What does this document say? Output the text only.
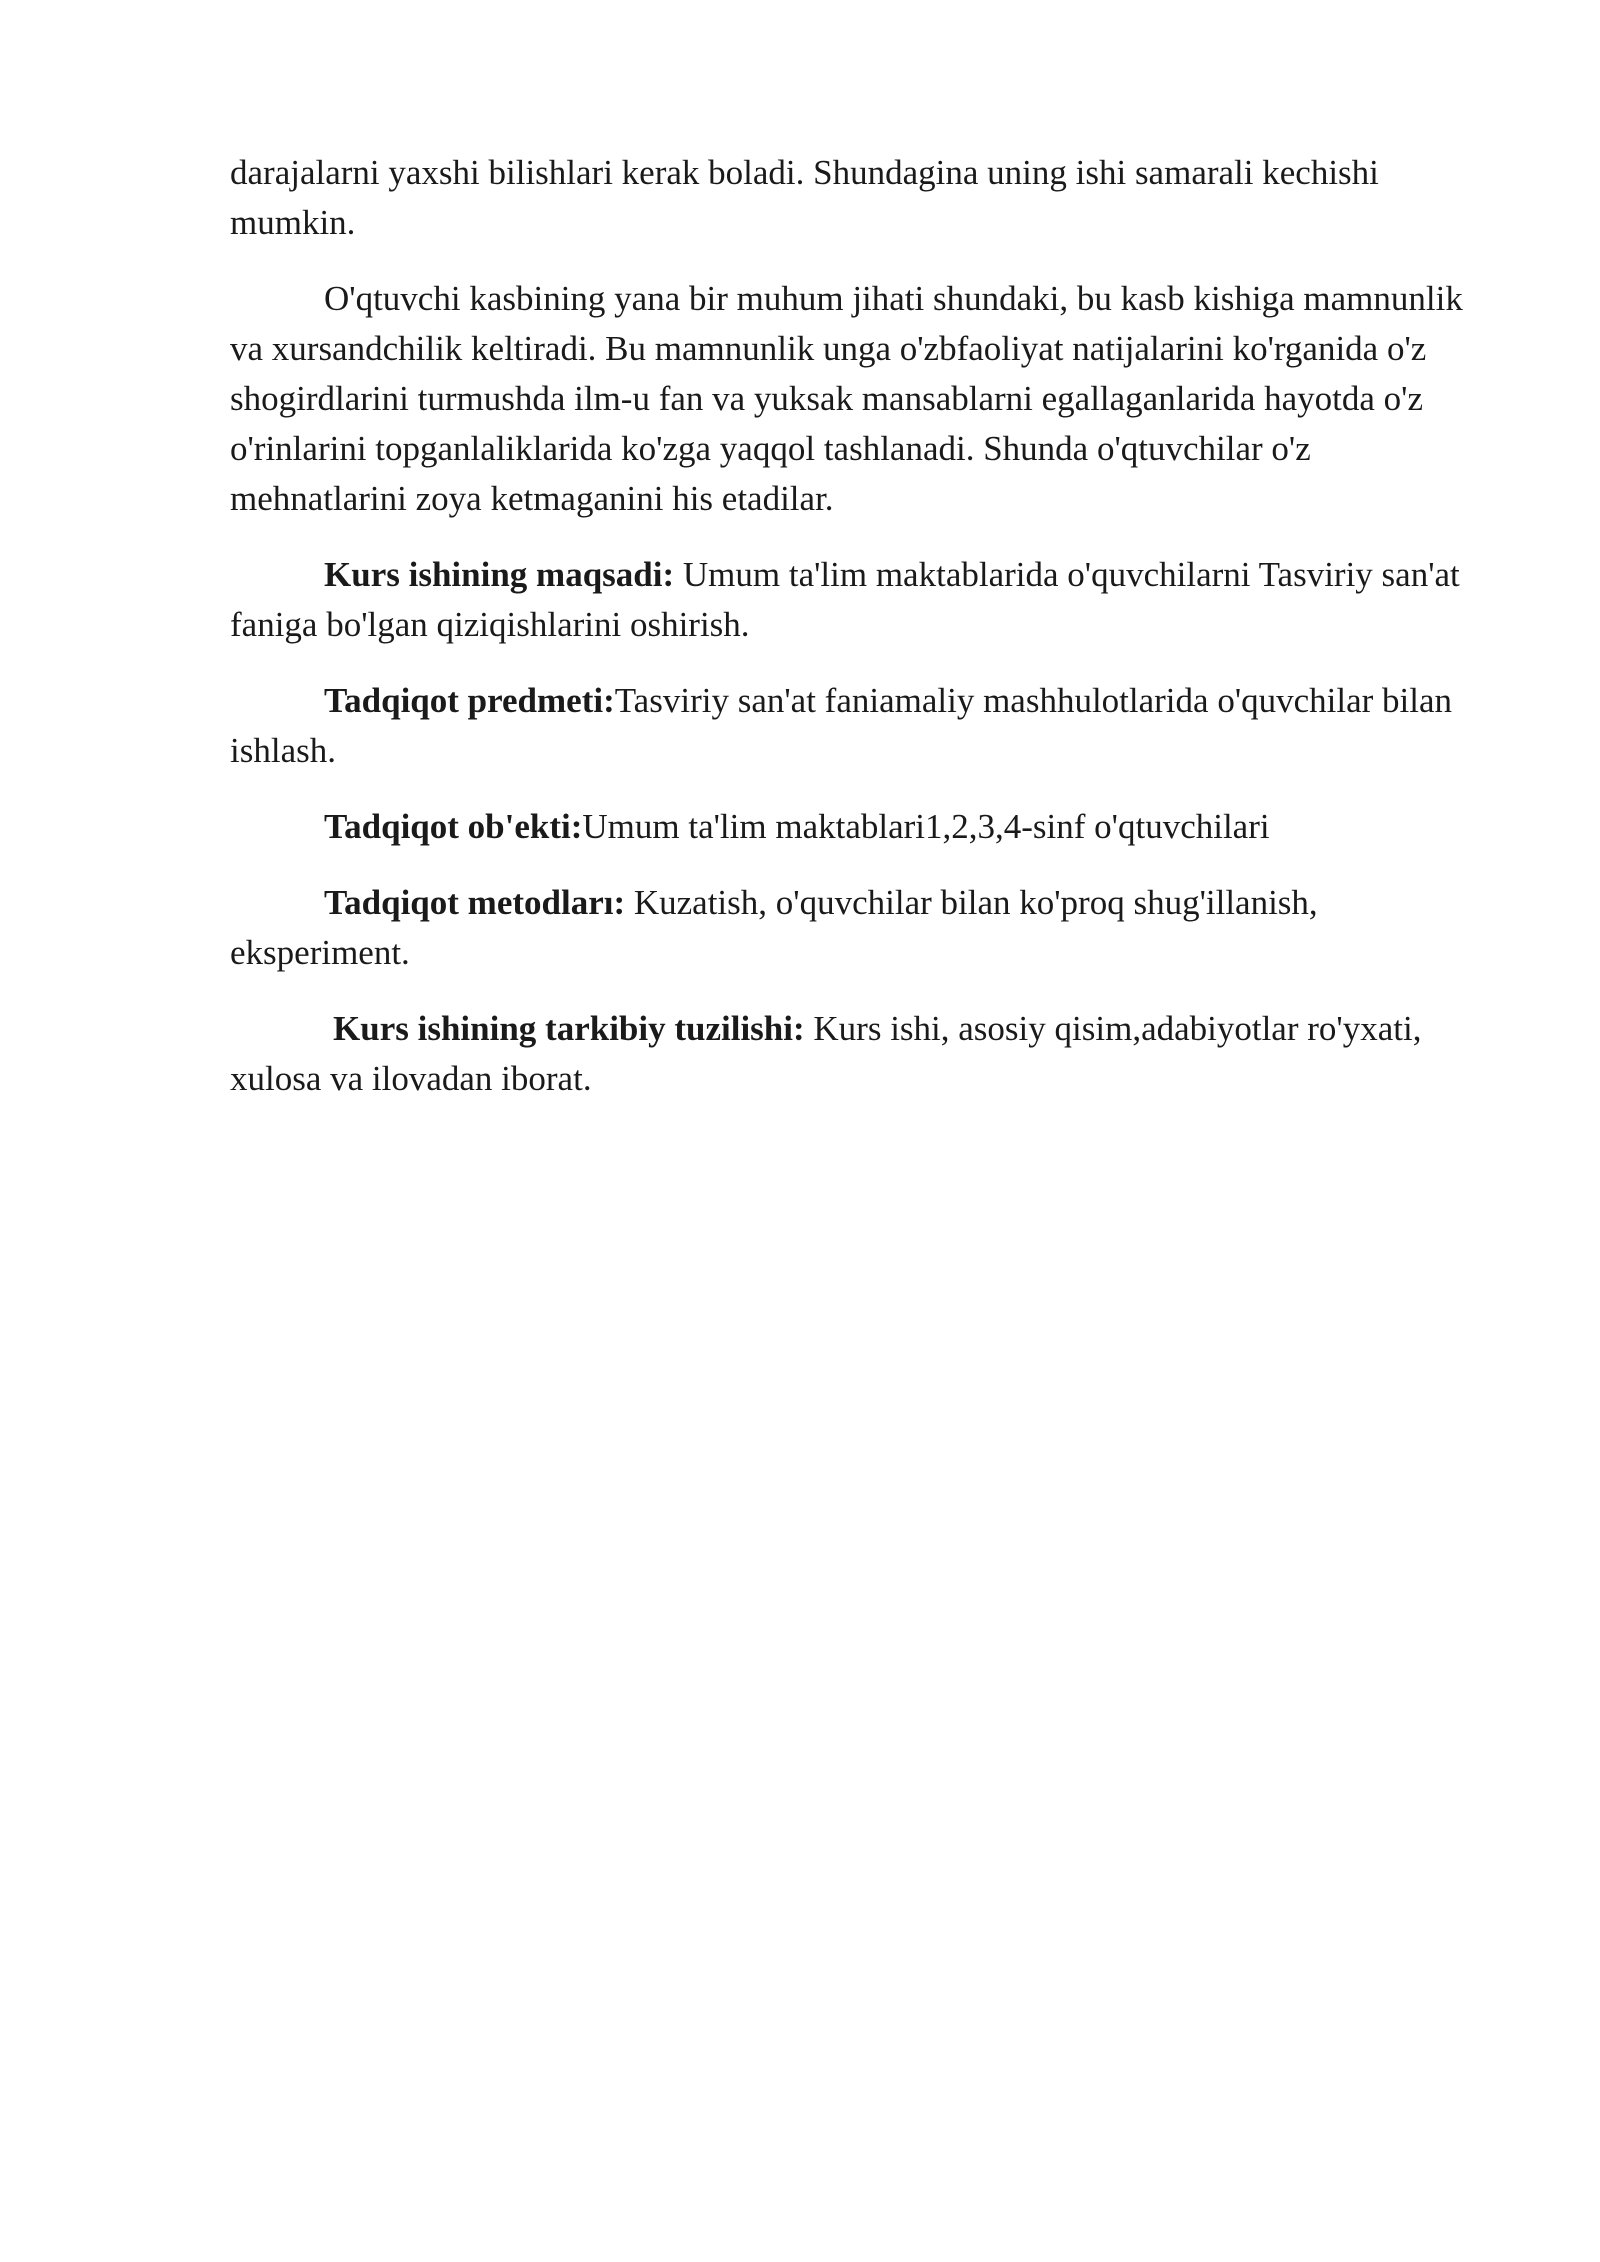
darajalarni yaxshi bilishlari kerak boladi. Shundagina uning ishi samarali kechishi mumkin.

O'qtuvchi kasbining yana bir muhum jihati shundaki, bu kasb kishiga mamnunlik va xursandchilik keltiradi. Bu mamnunlik unga o'zbfaoliyat natijalarini ko'rganida o'z shogirdlarini turmushda ilm-u fan va yuksak mansablarni egallaganlarida hayotda o'z o'rinlarini topganlaliklarida ko'zga yaqqol tashlanadi. Shunda o'qtuvchilar o'z mehnatlarini zoya ketmaganini his etadilar.

Kurs ishining maqsadi: Umum ta'lim maktablarida o'quvchilarni Tasviriy san'at faniga bo'lgan qiziqishlarini oshirish.

Tadqiqot predmeti:Tasviriy san'at faniamaliy mashhulotlarida o'quvchilar bilan ishlash.

Tadqiqot ob'ekti:Umum ta'lim maktablari1,2,3,4-sinf o'qtuvchilari

Tadqiqot metodları: Kuzatish, o'quvchilar bilan ko'proq shug'illanish, eksperiment.

Kurs ishining tarkibiy tuzilishi: Kurs ishi, asosiy qisim,adabiyotlar ro'yxati, xulosa va ilovadan iborat.
